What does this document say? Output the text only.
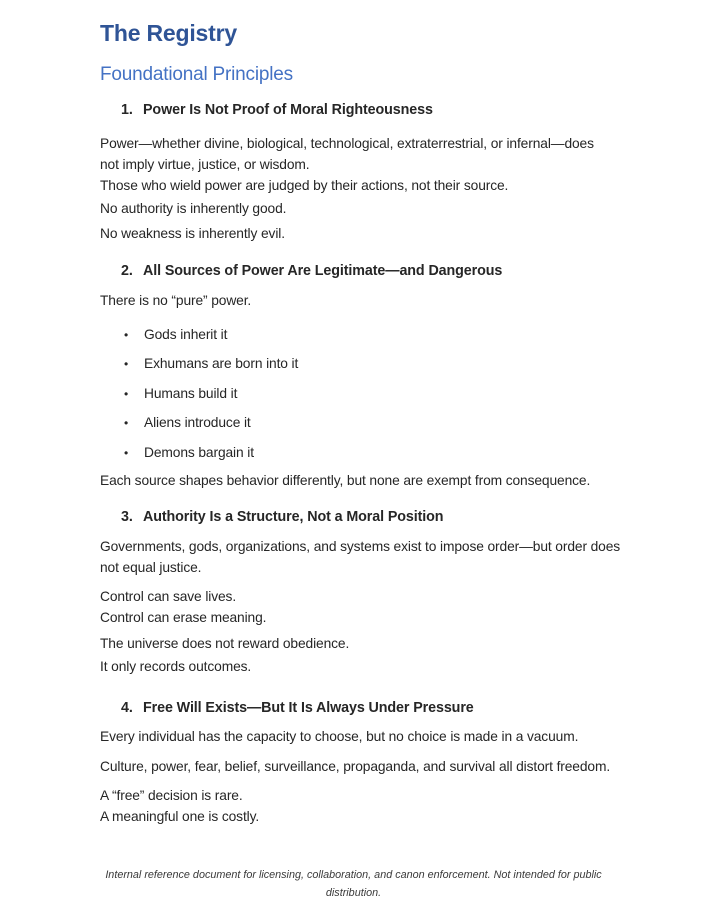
The Registry
Foundational Principles
1. Power Is Not Proof of Moral Righteousness
Power—whether divine, biological, technological, extraterrestrial, or infernal—does
not imply virtue, justice, or wisdom.
Those who wield power are judged by their actions, not their source.
No authority is inherently good.
No weakness is inherently evil.
2. All Sources of Power Are Legitimate—and Dangerous
There is no “pure” power.
• Gods inherit it
• Exhumans are born into it
• Humans build it
• Aliens introduce it
• Demons bargain it
Each source shapes behavior differently, but none are exempt from consequence.
3. Authority Is a Structure, Not a Moral Position
Governments, gods, organizations, and systems exist to impose order—but order does
not equal justice.
Control can save lives.
Control can erase meaning.
The universe does not reward obedience.
It only records outcomes.
4. Free Will Exists—But It Is Always Under Pressure
Every individual has the capacity to choose, but no choice is made in a vacuum.
Culture, power, fear, belief, surveillance, propaganda, and survival all distort freedom.
A “free” decision is rare.
A meaningful one is costly.
Internal reference document for licensing, collaboration, and canon enforcement. Not intended for public
distribution.
